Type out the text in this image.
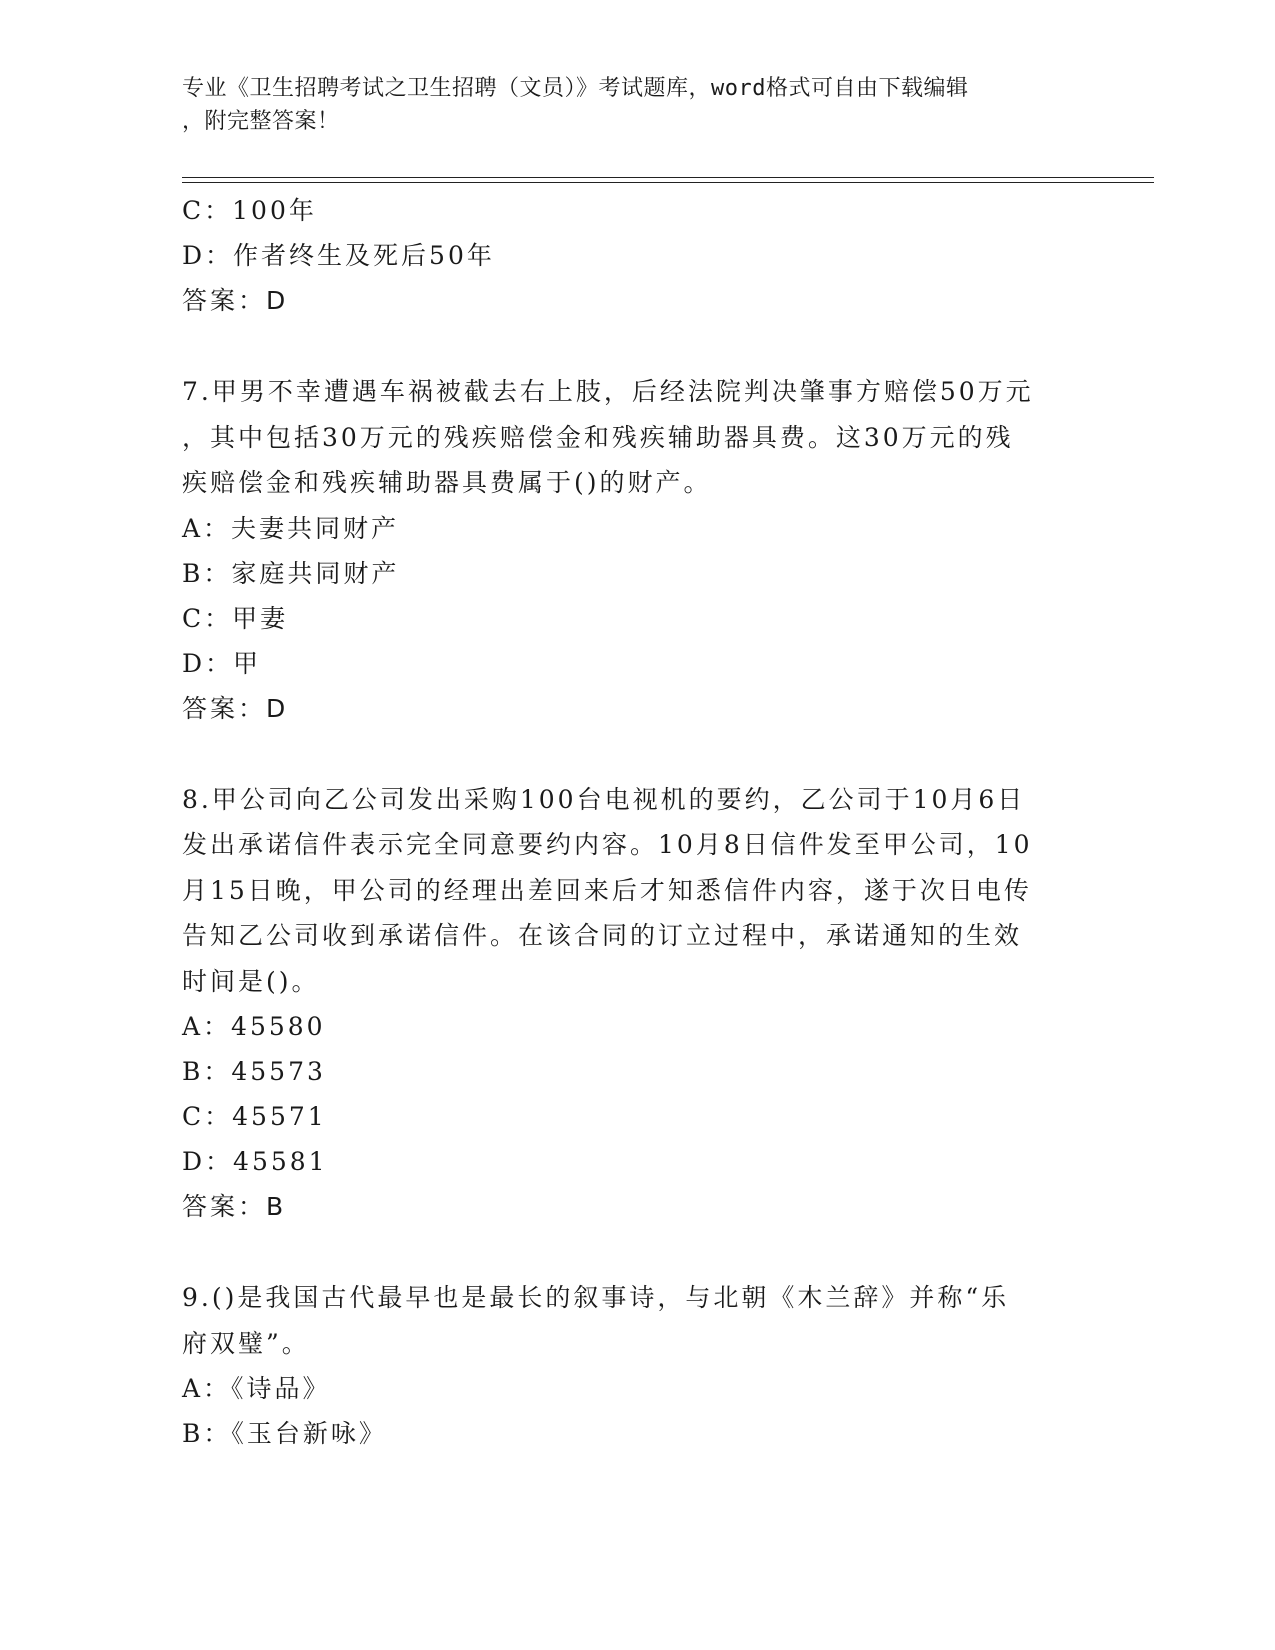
专业《卫生招聘考试之卫生招聘（文员）》考试题库，word格式可自由下载编辑
，附完整答案！
C：100年
D：作者终生及死后50年
答案：D
7.甲男不幸遭遇车祸被截去右上肢，后经法院判决肇事方赔偿50万元
，其中包括30万元的残疾赔偿金和残疾辅助器具费。这30万元的残
疾赔偿金和残疾辅助器具费属于()的财产。
A：夫妻共同财产
B：家庭共同财产
C：甲妻
D：甲
答案：D
8.甲公司向乙公司发出采购100台电视机的要约，乙公司于10月6日
发出承诺信件表示完全同意要约内容。10月8日信件发至甲公司，10
月15日晚，甲公司的经理出差回来后才知悉信件内容，遂于次日电传
告知乙公司收到承诺信件。在该合同的订立过程中，承诺通知的生效
时间是()。
A：45580
B：45573
C：45571
D：45581
答案：B
9.()是我国古代最早也是最长的叙事诗，与北朝《木兰辞》并称“乐
府双璧”。
A：《诗品》
B：《玉台新咏》
